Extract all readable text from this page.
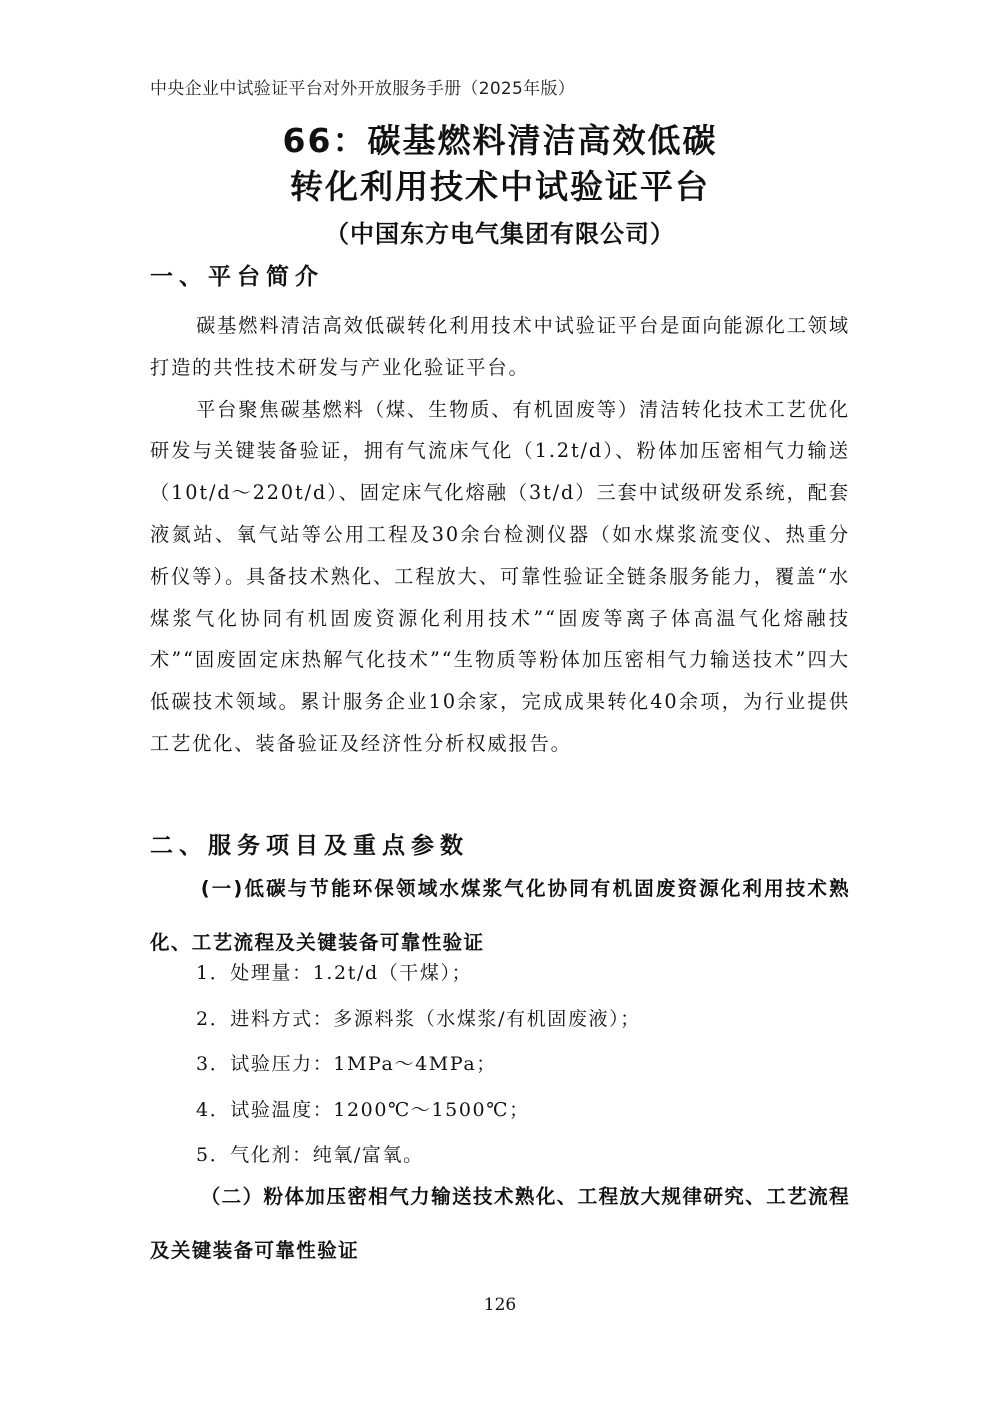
中央企业中试验证平台对外开放服务手册（2025年版）
66：碳基燃料清洁高效低碳
转化利用技术中试验证平台
（中国东方电气集团有限公司）
一、平台简介

碳基燃料清洁高效低碳转化利用技术中试验证平台是面向能源化工领域打造的共性技术研发与产业化验证平台。

平台聚焦碳基燃料（煤、生物质、有机固废等）清洁转化技术工艺优化研发与关键装备验证，拥有气流床气化（1.2t/d）、粉体加压密相气力输送（10t/d～220t/d）、固定床气化熔融（3t/d）三套中试级研发系统，配套液氮站、氧气站等公用工程及30余台检测仪器（如水煤浆流变仪、热重分析仪等）。具备技术熟化、工程放大、可靠性验证全链条服务能力，覆盖“水煤浆气化协同有机固废资源化利用技术”“固废等离子体高温气化熔融技术”“固废固定床热解气化技术”“生物质等粉体加压密相气力输送技术”四大低碳技术领域。累计服务企业10余家，完成成果转化40余项，为行业提供工艺优化、装备验证及经济性分析权威报告。

二、服务项目及重点参数
(一)低碳与节能环保领域水煤浆气化协同有机固废资源化利用技术熟化、工艺流程及关键装备可靠性验证
1．处理量：1.2t/d（干煤）；
2．进料方式：多源料浆（水煤浆/有机固废液）；
3．试验压力：1MPa～4MPa；
4．试验温度：1200℃～1500℃；
5．气化剂：纯氧/富氧。
（二）粉体加压密相气力输送技术熟化、工程放大规律研究、工艺流程及关键装备可靠性验证
126
